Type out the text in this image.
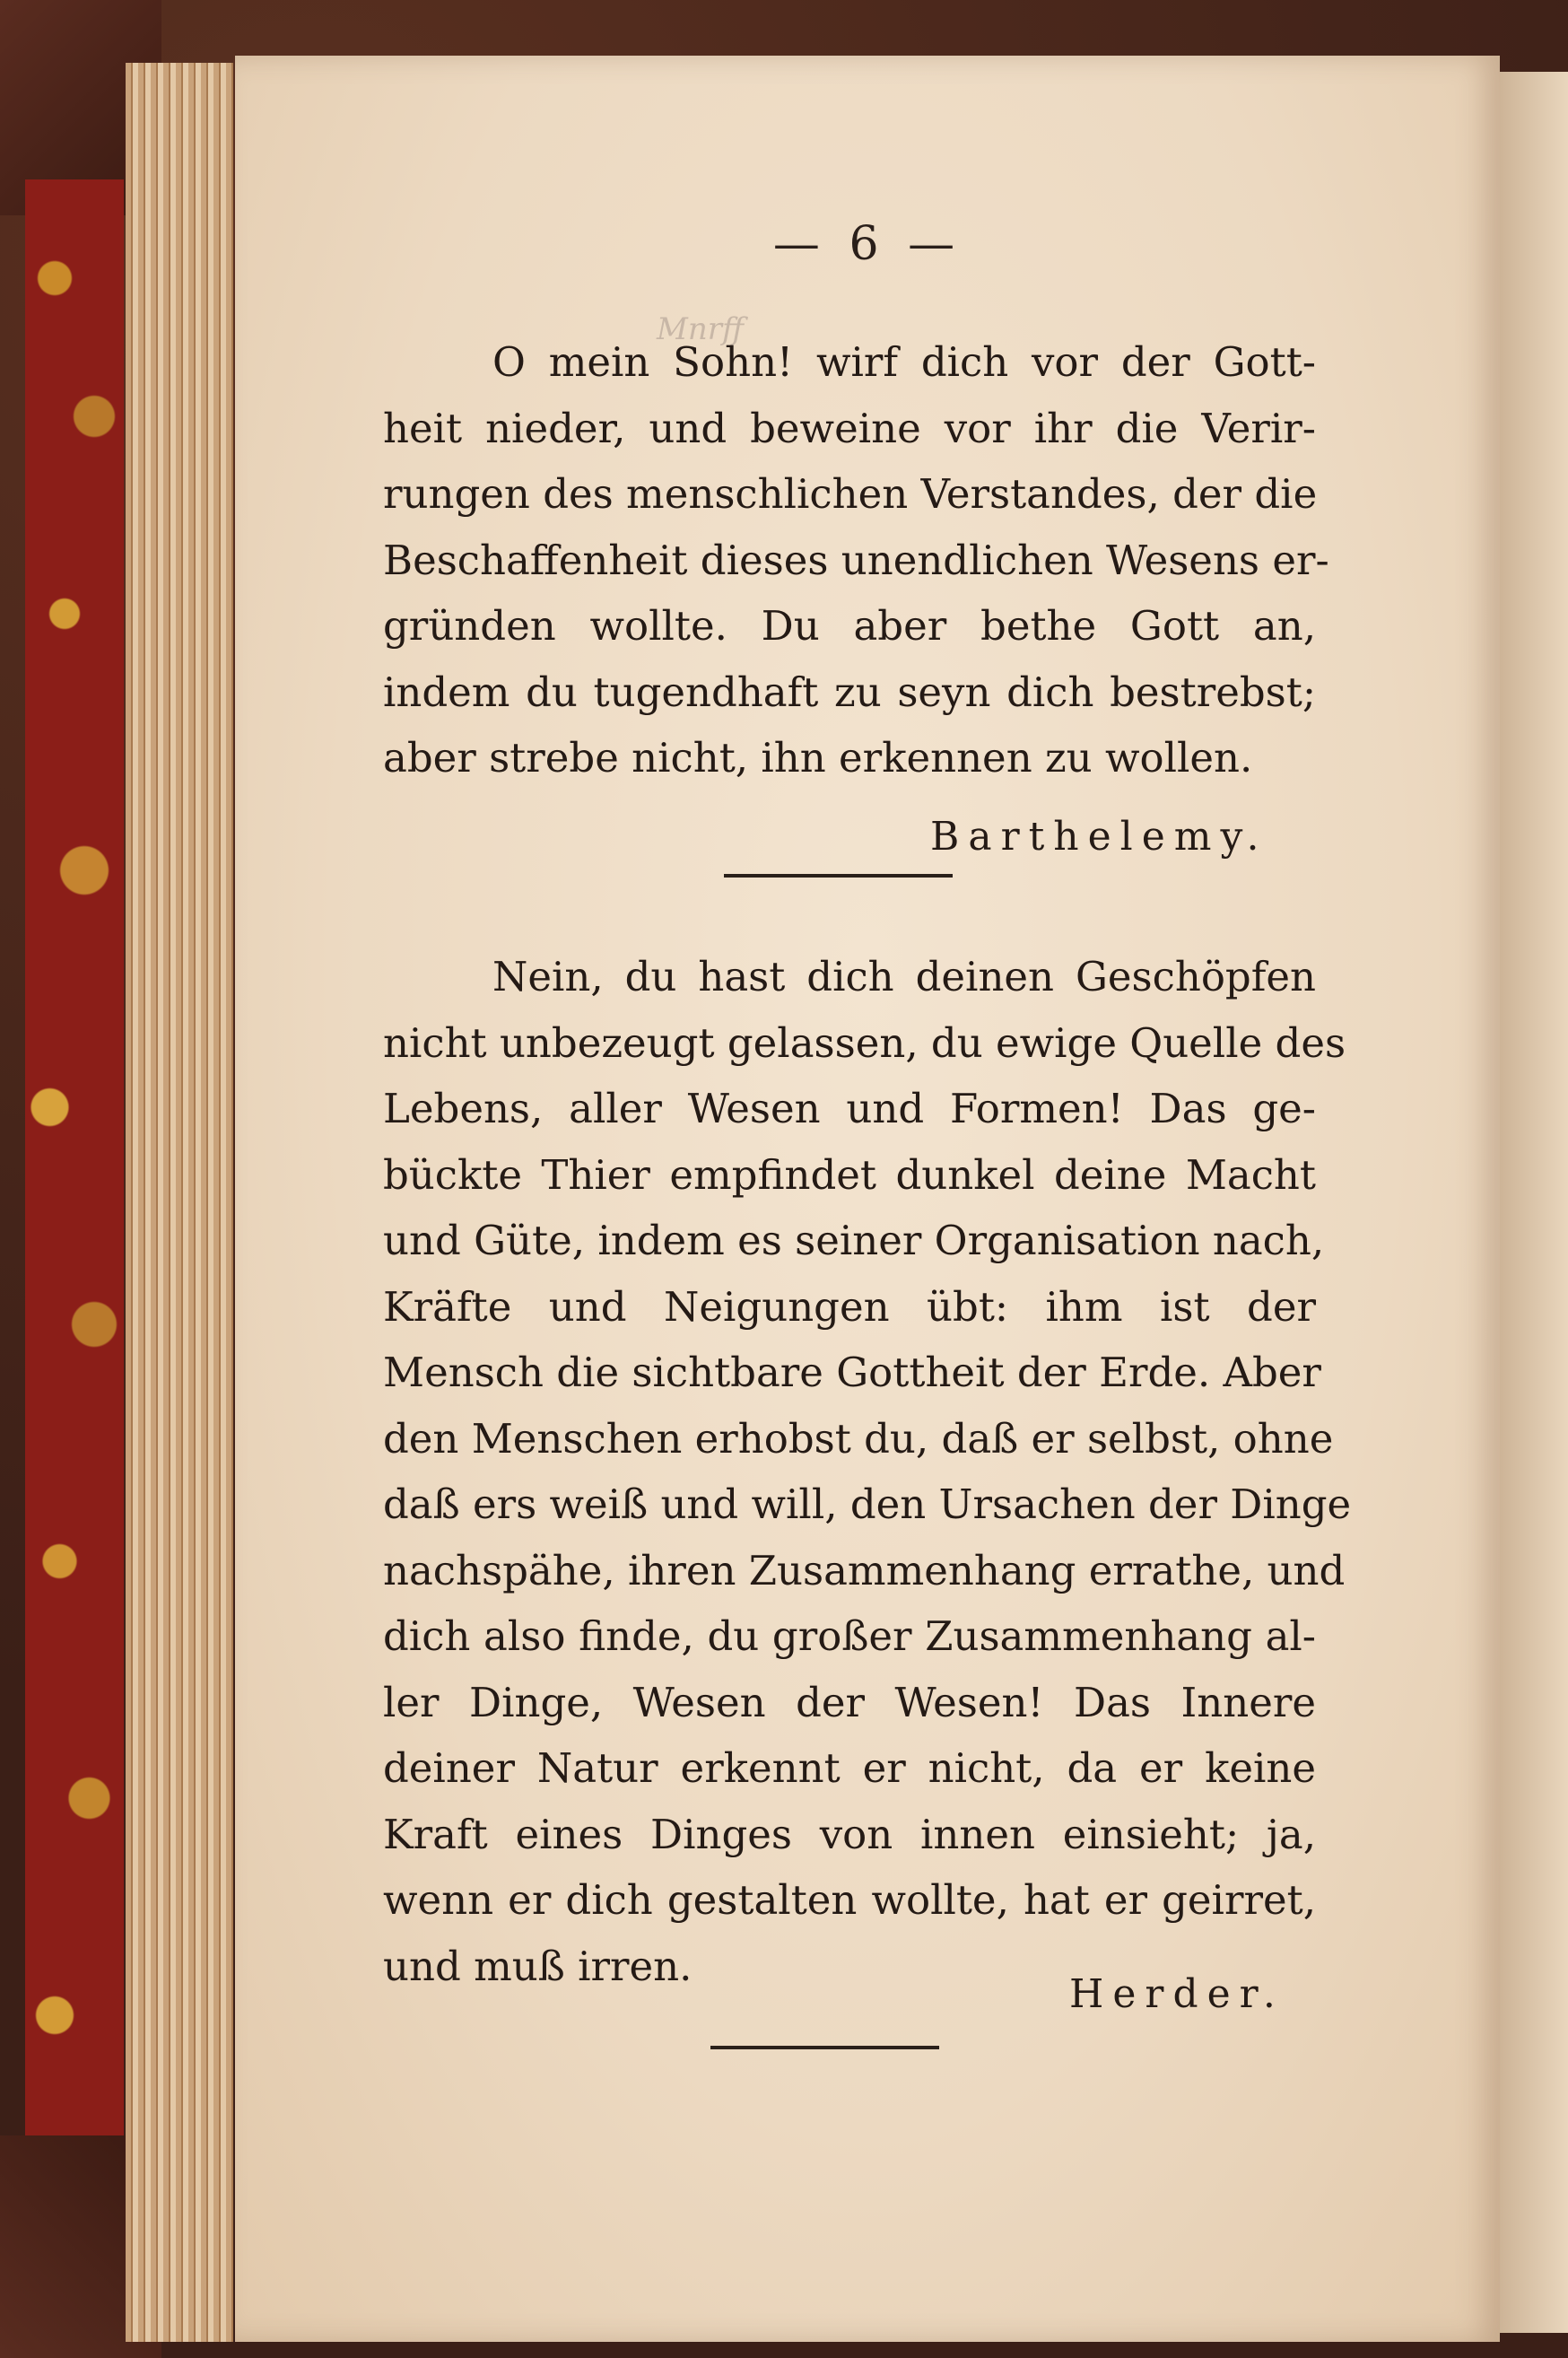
— 6 —
Mnrff
O mein Sohn! wirf dich vor der Gott-
heit nieder, und beweine vor ihr die Verir-
rungen des menschlichen Verstandes, der die
Beschaffenheit dieses unendlichen Wesens er-
gründen wollte. Du aber bethe Gott an,
indem du tugendhaft zu seyn dich bestrebst;
aber strebe nicht, ihn erkennen zu wollen.
Barthelemy.
Nein, du hast dich deinen Geschöpfen
nicht unbezeugt gelassen, du ewige Quelle des
Lebens, aller Wesen und Formen! Das ge-
bückte Thier empfindet dunkel deine Macht
und Güte, indem es seiner Organisation nach,
Kräfte und Neigungen übt: ihm ist der
Mensch die sichtbare Gottheit der Erde. Aber
den Menschen erhobst du, daß er selbst, ohne
daß ers weiß und will, den Ursachen der Dinge
nachspähe, ihren Zusammenhang errathe, und
dich also finde, du großer Zusammenhang al-
ler Dinge, Wesen der Wesen! Das Innere
deiner Natur erkennt er nicht, da er keine
Kraft eines Dinges von innen einsieht; ja,
wenn er dich gestalten wollte, hat er geirret,
und muß irren.
Herder.
